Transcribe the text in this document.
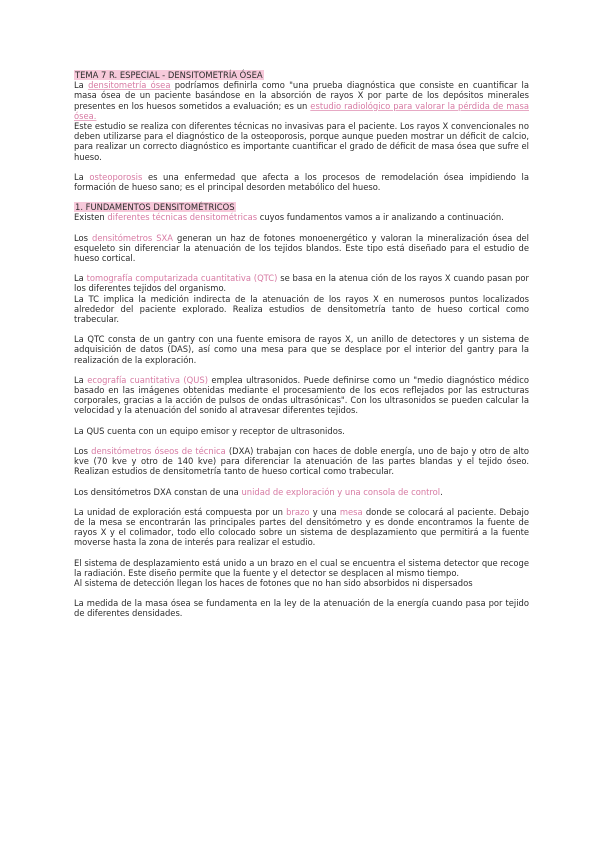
TEMA 7 R. ESPECIAL - DENSITOMETRÍA ÓSEA

La densitometría ósea podríamos definirla como "una prueba diagnóstica que consiste en cuantificar la masa ósea de un paciente basándose en la absorción de rayos X por parte de los depósitos minerales presentes en los huesos sometidos a evaluación; es un estudio radiológico para valorar la pérdida de masa ósea.

Este estudio se realiza con diferentes técnicas no invasivas para el paciente. Los rayos X convencionales no deben utilizarse para el diagnóstico de la osteoporosis, porque aunque pueden mostrar un déficit de calcio, para realizar un correcto diagnóstico es importante cuantificar el grado de déficit de masa ósea que sufre el hueso.

La osteoporosis es una enfermedad que afecta a los procesos de remodelación ósea impidiendo la formación de hueso sano; es el principal desorden metabólico del hueso.

1. FUNDAMENTOS DENSITOMÉTRICOS

Existen diferentes técnicas densitométricas cuyos fundamentos vamos a ir analizando a continuación.

Los densitómetros SXA generan un haz de fotones monoenergético y valoran la mineralización ósea del esqueleto sin diferenciar la atenuación de los tejidos blandos. Este tipo está diseñado para el estudio de hueso cortical.

La tomografía computarizada cuantitativa (QTC) se basa en la atenua ción de los rayos X cuando pasan por los diferentes tejidos del organismo.

La TC implica la medición indirecta de la atenuación de los rayos X en numerosos puntos localizados alrededor del paciente explorado. Realiza estudios de densitometría tanto de hueso cortical como trabecular.

La QTC consta de un gantry con una fuente emisora de rayos X, un anillo de detectores y un sistema de adquisición de datos (DAS), así como una mesa para que se desplace por el interior del gantry para la realización de la exploración.

La ecografía cuantitativa (QUS) emplea ultrasonidos. Puede definirse como un "medio diagnóstico médico basado en las imágenes obtenidas mediante el procesamiento de los ecos reflejados por las estructuras corporales, gracias a la acción de pulsos de ondas ultrasónicas". Con los ultrasonidos se pueden calcular la velocidad y la atenuación del sonido al atravesar diferentes tejidos.

La QUS cuenta con un equipo emisor y receptor de ultrasonidos.

Los densitómetros óseos de técnica (DXA) trabajan con haces de doble energía, uno de bajo y otro de alto kve (70 kve y otro de 140 kve) para diferenciar la atenuación de las partes blandas y el tejido óseo. Realizan estudios de densitometría tanto de hueso cortical como trabecular.

Los densitómetros DXA constan de una unidad de exploración y una consola de control.

La unidad de exploración está compuesta por un brazo y una mesa donde se colocará al paciente. Debajo de la mesa se encontrarán las principales partes del densitómetro y es donde encontramos la fuente de rayos X y el colimador, todo ello colocado sobre un sistema de desplazamiento que permitirá a la fuente moverse hasta la zona de interés para realizar el estudio.

El sistema de desplazamiento está unido a un brazo en el cual se encuentra el sistema detector que recoge la radiación. Este diseño permite que la fuente y el detector se desplacen al mismo tiempo.

Al sistema de detección llegan los haces de fotones que no han sido absorbidos ni dispersados

La medida de la masa ósea se fundamenta en la ley de la atenuación de la energía cuando pasa por tejido de diferentes densidades.
